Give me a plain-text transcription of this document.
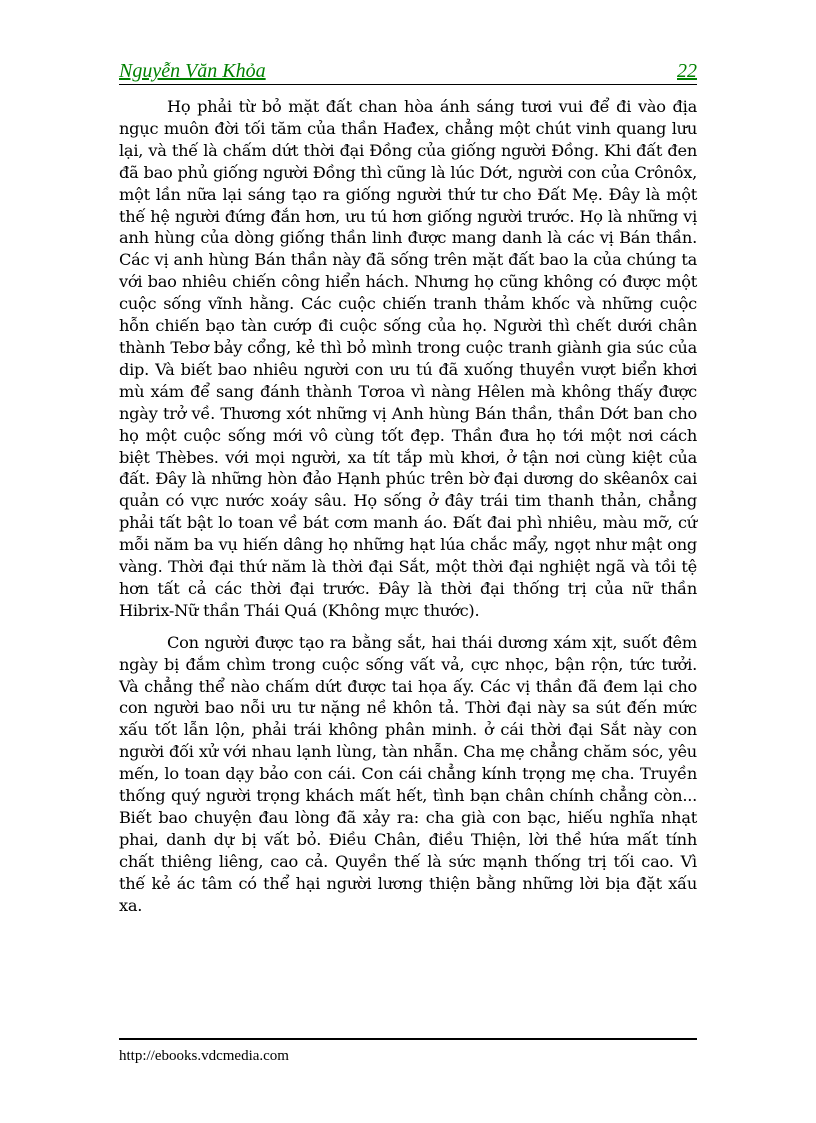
Nguyễn Văn Khỏa	22

Họ phải từ bỏ mặt đất chan hòa ánh sáng tươi vui để đi vào địa ngục muôn đời tối tăm của thần Hađex, chẳng một chút vinh quang lưu lại, và thế là chấm dứt thời đại Đồng của giống người Đồng. Khi đất đen đã bao phủ giống người Đồng thì cũng là lúc Dớt, người con của Crônôx, một lần nữa lại sáng tạo ra giống người thứ tư cho Đất Mẹ. Đây là một thế hệ người đứng đắn hơn, ưu tú hơn giống người trước. Họ là những vị anh hùng của dòng giống thần linh được mang danh là các vị Bán thần. Các vị anh hùng Bán thần này đã sống trên mặt đất bao la của chúng ta với bao nhiêu chiến công hiển hách. Nhưng họ cũng không có được một cuộc sống vĩnh hằng. Các cuộc chiến tranh thảm khốc và những cuộc hỗn chiến bạo tàn cướp đi cuộc sống của họ. Người thì chết dưới chân thành Tebơ bảy cổng, kẻ thì bỏ mình trong cuộc tranh giành gia súc của dip. Và biết bao nhiêu người con ưu tú đã xuống thuyền vượt biển khơi mù xám để sang đánh thành Tơroa vì nàng Hêlen mà không thấy được ngày trở về. Thương xót những vị Anh hùng Bán thần, thần Dớt ban cho họ một cuộc sống mới vô cùng tốt đẹp. Thần đưa họ tới một nơi cách biệt Thèbes. với mọi người, xa tít tắp mù khơi, ở tận nơi cùng kiệt của đất. Đây là những hòn đảo Hạnh phúc trên bờ đại dương do skêanôx cai quản có vực nước xoáy sâu. Họ sống ở đây trái tim thanh thản, chẳng phải tất bật lo toan về bát cơm manh áo. Đất đai phì nhiêu, màu mỡ, cứ mỗi năm ba vụ hiến dâng họ những hạt lúa chắc mẩy, ngọt như mật ong vàng. Thời đại thứ năm là thời đại Sắt, một thời đại nghiệt ngã và tồi tệ hơn tất cả các thời đại trước. Đây là thời đại thống trị của nữ thần Hibrix-Nữ thần Thái Quá (Không mực thước).

Con người được tạo ra bằng sắt, hai thái dương xám xịt, suốt đêm ngày bị đắm chìm trong cuộc sống vất vả, cực nhọc, bận rộn, tức tưởi. Và chẳng thể nào chấm dứt được tai họa ấy. Các vị thần đã đem lại cho con người bao nỗi ưu tư nặng nề khôn tả. Thời đại này sa sút đến mức xấu tốt lẫn lộn, phải trái không phân minh. ở cái thời đại Sắt này con người đối xử với nhau lạnh lùng, tàn nhẫn. Cha mẹ chẳng chăm sóc, yêu mến, lo toan dạy bảo con cái. Con cái chẳng kính trọng mẹ cha. Truyền thống quý người trọng khách mất hết, tình bạn chân chính chẳng còn... Biết bao chuyện đau lòng đã xảy ra: cha già con bạc, hiếu nghĩa nhạt phai, danh dự bị vất bỏ. Điều Chân, điều Thiện, lời thề hứa mất tính chất thiêng liêng, cao cả. Quyền thế là sức mạnh thống trị tối cao. Vì thế kẻ ác tâm có thể hại người lương thiện bằng những lời bịa đặt xấu xa.

http://ebooks.vdcmedia.com
